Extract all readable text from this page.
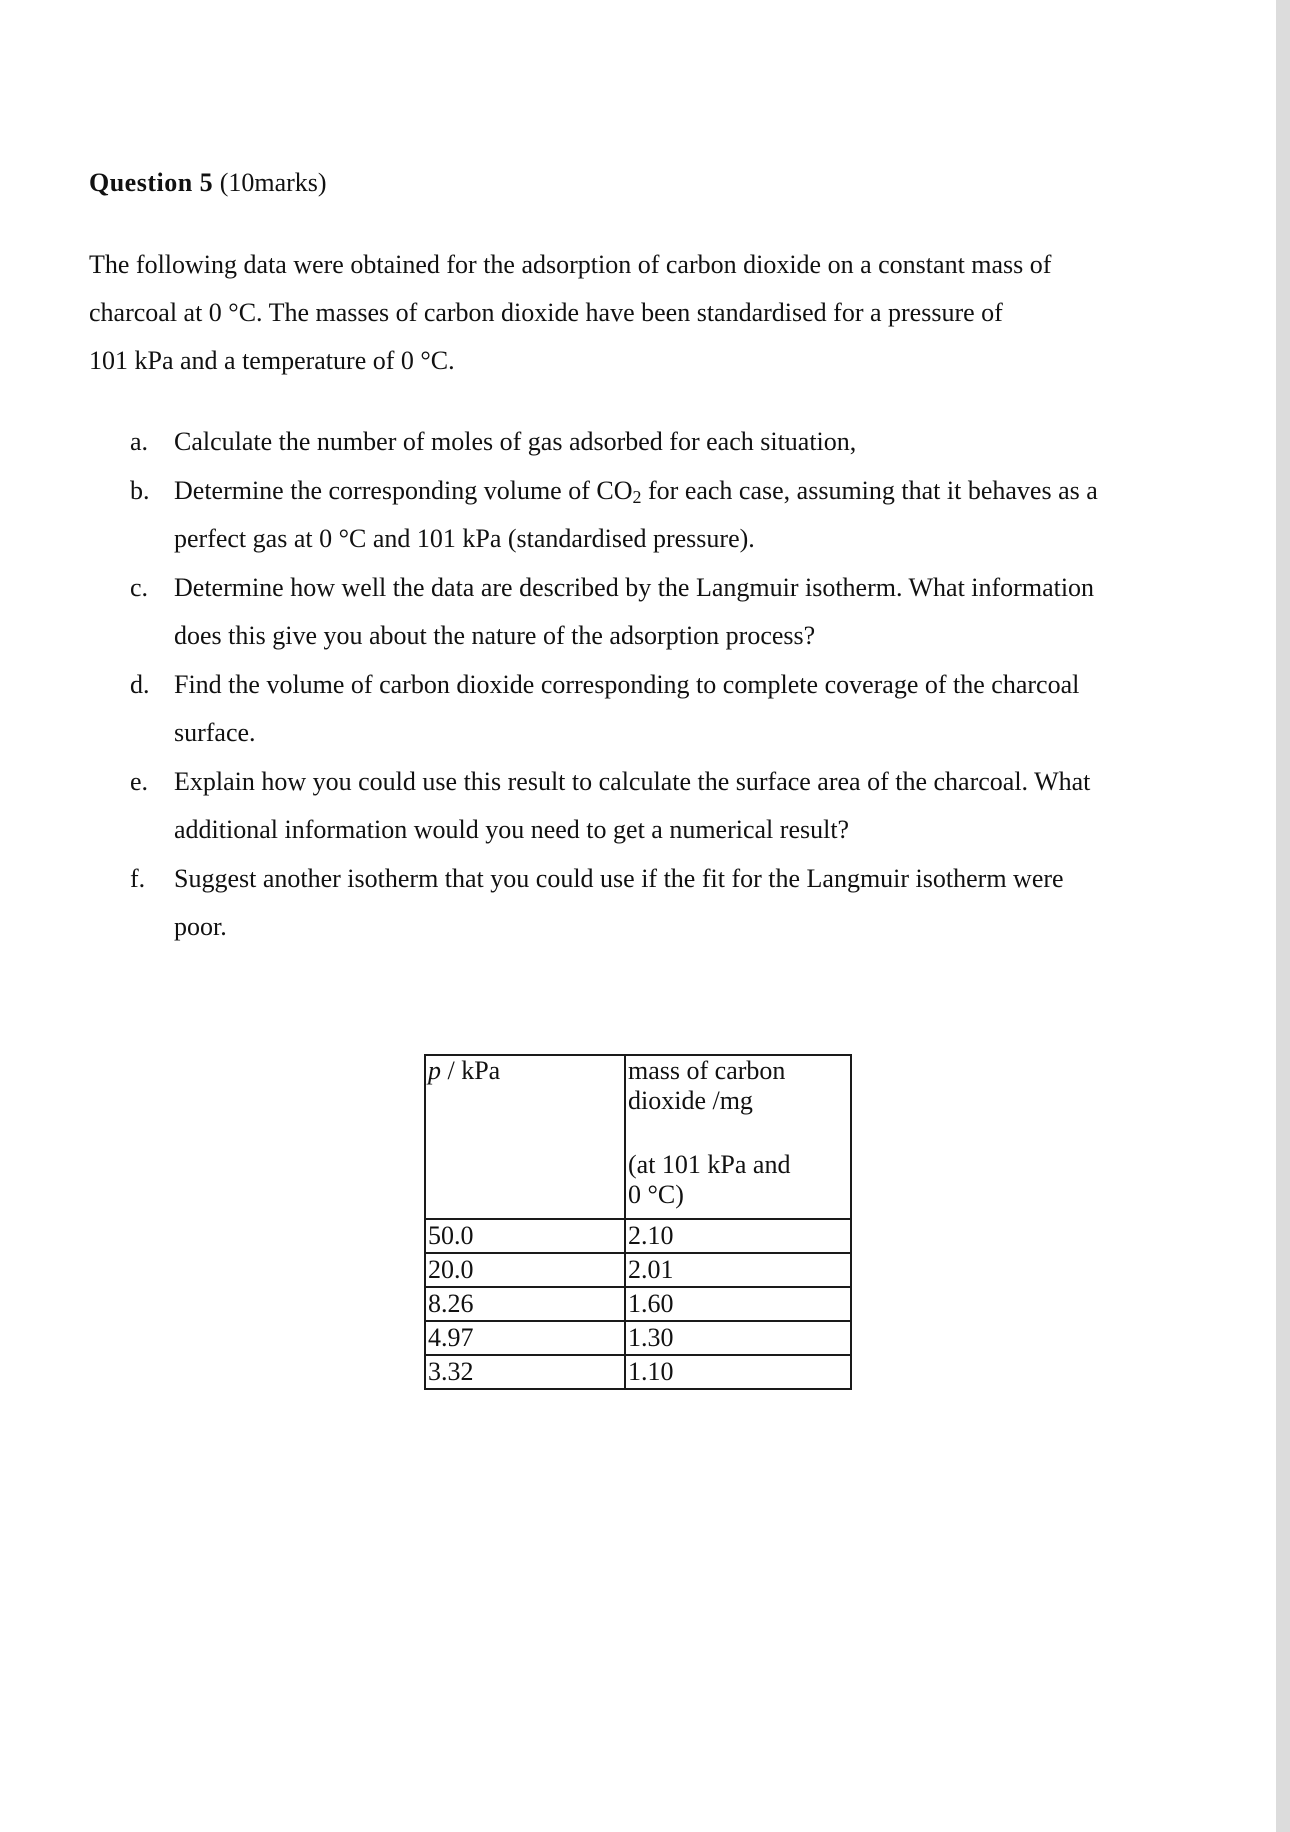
Question 5 (10marks)
The following data were obtained for the adsorption of carbon dioxide on a constant mass of
charcoal at 0 °C. The masses of carbon dioxide have been standardised for a pressure of
101 kPa and a temperature of 0 °C.
a. Calculate the number of moles of gas adsorbed for each situation,
b. Determine the corresponding volume of $CO_2$ for each case, assuming that it behaves as a
perfect gas at 0 °C and 101 kPa (standardised pressure).
c. Determine how well the data are described by the Langmuir isotherm. What information
does this give you about the nature of the adsorption process?
d. Find the volume of carbon dioxide corresponding to complete coverage of the charcoal
surface.
e. Explain how you could use this result to calculate the surface area of the charcoal. What
additional information would you need to get a numerical result?
f.	Suggest another isotherm that you could use if the fit for the Langmuir isotherm were
poor.
p / kPa	mass of carbon
dioxide /mg
(at 101 kPa and
0 °C)

50.0	2.10
20.0	2.01
8.26	1.60
4.97	1.30
3.32	1.10
